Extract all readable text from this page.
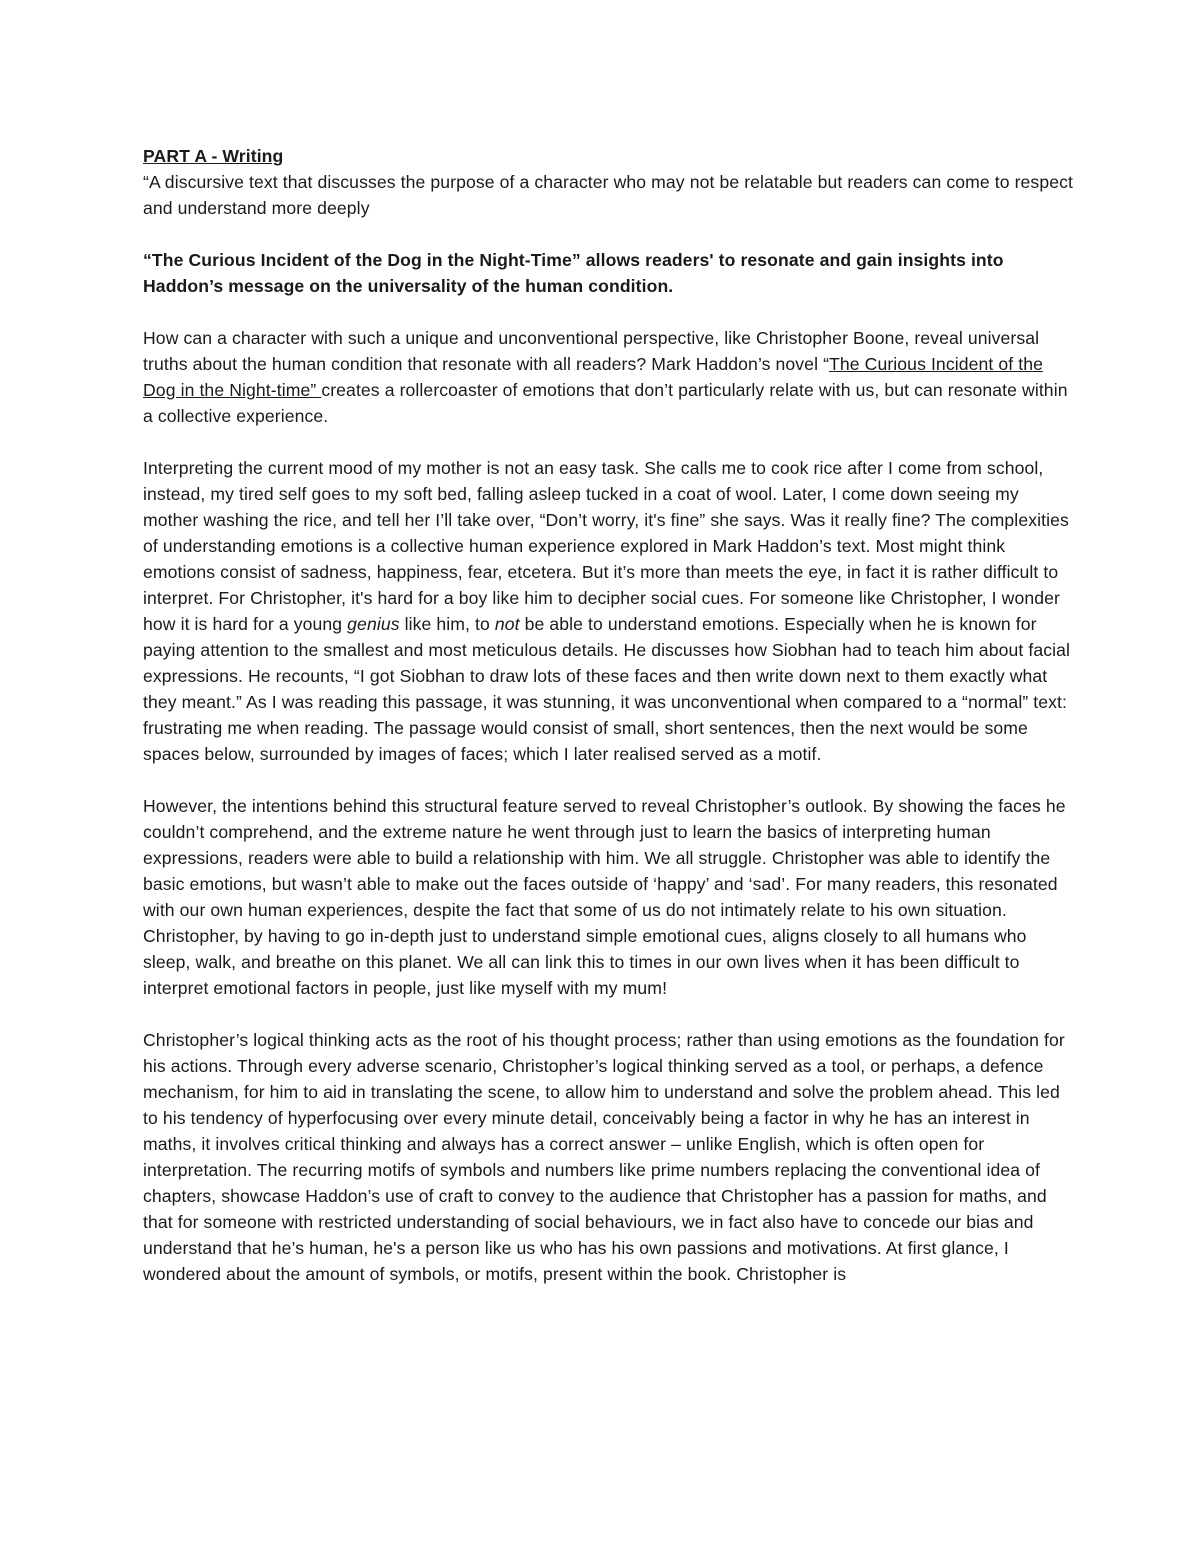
PART A - Writing

“A discursive text that discusses the purpose of a character who may not be relatable but readers can come to respect and understand more deeply

“The Curious Incident of the Dog in the Night-Time” allows readers' to resonate and gain insights into Haddon’s message on the universality of the human condition.

How can a character with such a unique and unconventional perspective, like Christopher Boone, reveal universal truths about the human condition that resonate with all readers? Mark Haddon’s novel “The Curious Incident of the Dog in the Night-time” creates a rollercoaster of emotions that don’t particularly relate with us, but can resonate within a collective experience.

Interpreting the current mood of my mother is not an easy task. She calls me to cook rice after I come from school, instead, my tired self goes to my soft bed, falling asleep tucked in a coat of wool. Later, I come down seeing my mother washing the rice, and tell her I’ll take over, “Don’t worry, it's fine” she says. Was it really fine? The complexities of understanding emotions is a collective human experience explored in Mark Haddon’s text. Most might think emotions consist of sadness, happiness, fear, etcetera. But it’s more than meets the eye, in fact it is rather difficult to interpret. For Christopher, it's hard for a boy like him to decipher social cues. For someone like Christopher, I wonder how it is hard for a young genius like him, to not be able to understand emotions. Especially when he is known for paying attention to the smallest and most meticulous details. He discusses how Siobhan had to teach him about facial expressions. He recounts, “I got Siobhan to draw lots of these faces and then write down next to them exactly what they meant.” As I was reading this passage, it was stunning, it was unconventional when compared to a “normal” text: frustrating me when reading. The passage would consist of small, short sentences, then the next would be some spaces below, surrounded by images of faces; which I later realised served as a motif.

However, the intentions behind this structural feature served to reveal Christopher’s outlook. By showing the faces he couldn’t comprehend, and the extreme nature he went through just to learn the basics of interpreting human expressions, readers were able to build a relationship with him. We all struggle. Christopher was able to identify the basic emotions, but wasn’t able to make out the faces outside of ‘happy’ and ‘sad’. For many readers, this resonated with our own human experiences, despite the fact that some of us do not intimately relate to his own situation. Christopher, by having to go in-depth just to understand simple emotional cues, aligns closely to all humans who sleep, walk, and breathe on this planet. We all can link this to times in our own lives when it has been difficult to interpret emotional factors in people, just like myself with my mum!

Christopher’s logical thinking acts as the root of his thought process; rather than using emotions as the foundation for his actions. Through every adverse scenario, Christopher’s logical thinking served as a tool, or perhaps, a defence mechanism, for him to aid in translating the scene, to allow him to understand and solve the problem ahead. This led to his tendency of hyperfocusing over every minute detail, conceivably being a factor in why he has an interest in maths, it involves critical thinking and always has a correct answer – unlike English, which is often open for interpretation. The recurring motifs of symbols and numbers like prime numbers replacing the conventional idea of chapters, showcase Haddon’s use of craft to convey to the audience that Christopher has a passion for maths, and that for someone with restricted understanding of social behaviours, we in fact also have to concede our bias and understand that he’s human, he's a person like us who has his own passions and motivations. At first glance, I wondered about the amount of symbols, or motifs, present within the book. Christopher is
